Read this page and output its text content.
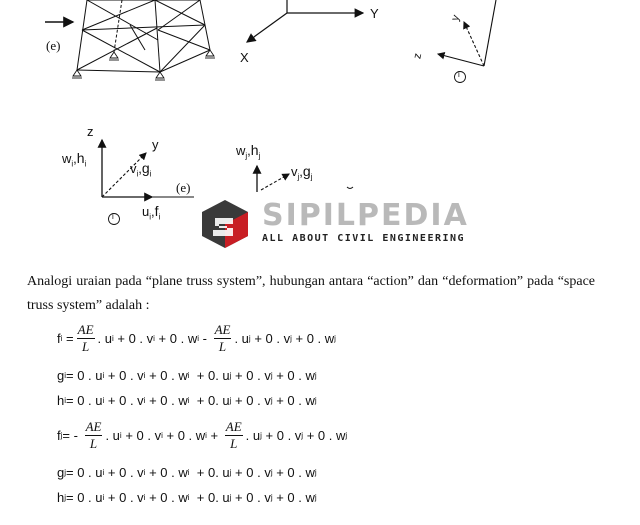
(e)
Y
X
y
z
i
z
y
$w_i,h_i$	$v_i,g_i$
(e)
$u_i,f_i$
i
$w_j,h_j$
$v_j,g_j$
SIPILPEDIA
ALL ABOUT CIVIL ENGINEERING

Analogi uraian pada “plane truss system”, hubungan antara “action” dan “deformation” pada “space truss system” adalah :

f $i = \frac{AE}{L}$ . u i + 0 . v i + 0 . w i - $\frac{AE}{L}$ . u j + 0 . v j + 0 . w j
g i = 0 . u i + 0 . v i + 0 . w i + 0. u j + 0 . v j + 0 . w j
h i = 0 . u i + 0 . v i + 0 . w i + 0. u j + 0 . v j + 0 . w j
f j = - $\frac{AE}{L}$ . u i + 0 . v i + 0 . w $i + \frac{AE}{L}$ . u j + 0 . v j + 0 . w j
g j = 0 . u i + 0 . v i + 0 . w i + 0. u j + 0 . v j + 0 . w j
h j = 0 . u i + 0 . v i + 0 . w i + 0. u j + 0 . v j + 0 . w j
